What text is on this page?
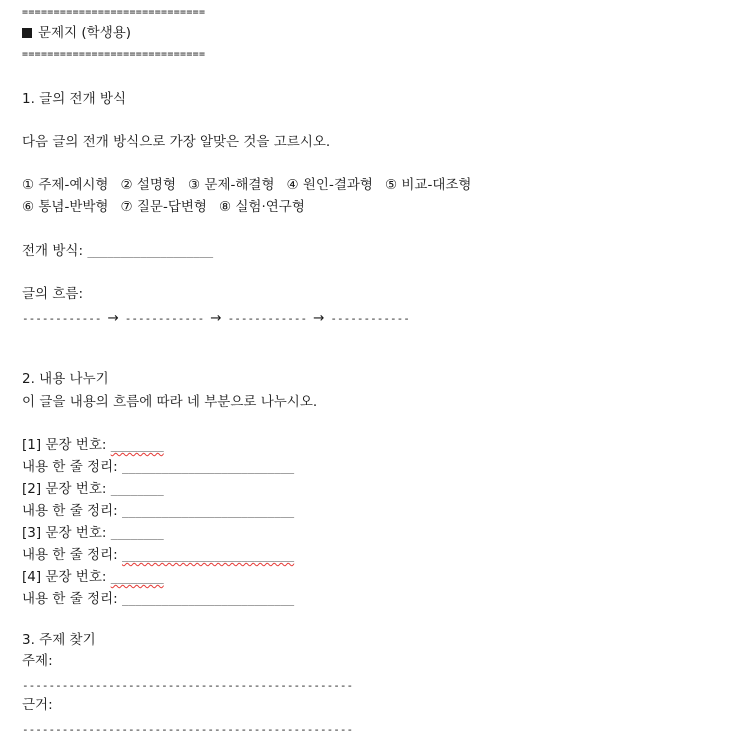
=============================
문제지 (학생용)
=============================
1. 글의 전개 방식
다음 글의 전개 방식으로 가장 알맞은 것을 고르시오.
① 주제-예시형 ② 설명형 ③ 문제-해결형 ④ 원인-결과형 ⑤ 비교-대조형
⑥ 통념-반박형 ⑦ 질문-답변형 ⑧ 실험·연구형
전개 방식: ___________________
글의 흐름:
------------ → ------------ → ------------ → ------------
2. 내용 나누기
이 글을 내용의 흐름에 따라 네 부분으로 나누시오.
[1] 문장 번호: ________
내용 한 줄 정리: __________________________
[2] 문장 번호: ________
내용 한 줄 정리: __________________________
[3] 문장 번호: ________
내용 한 줄 정리: __________________________
[4] 문장 번호: ________
내용 한 줄 정리: __________________________
3. 주제 찾기
주제:
--------------------------------------------------
근거:
--------------------------------------------------
